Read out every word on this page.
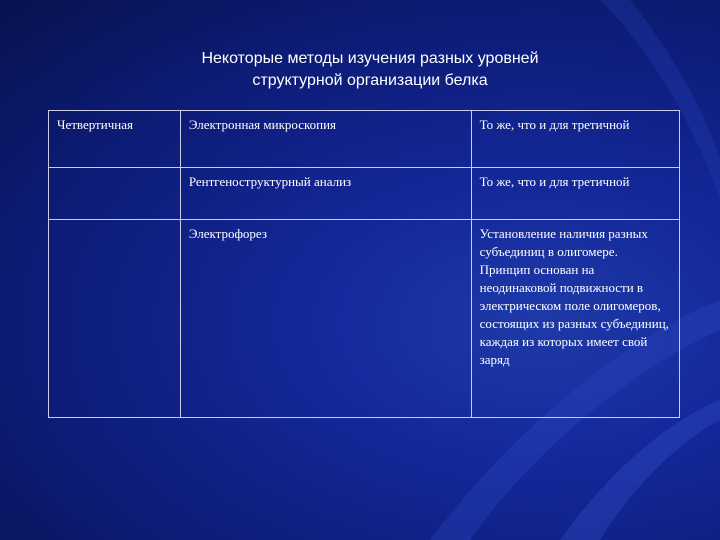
Некоторые методы изучения разных уровней
структурной организации белка
Четвертичная	Электронная микроскопия	То же, что и для третичной
	Рентгеноструктурный анализ	То же, что и для третичной
	Электрофорез	Установление наличия разных субъединиц в олигомере. Принцип основан на неодинаковой подвижности в электрическом поле олигомеров, состоящих из разных субъединиц, каждая из которых имеет свой заряд
